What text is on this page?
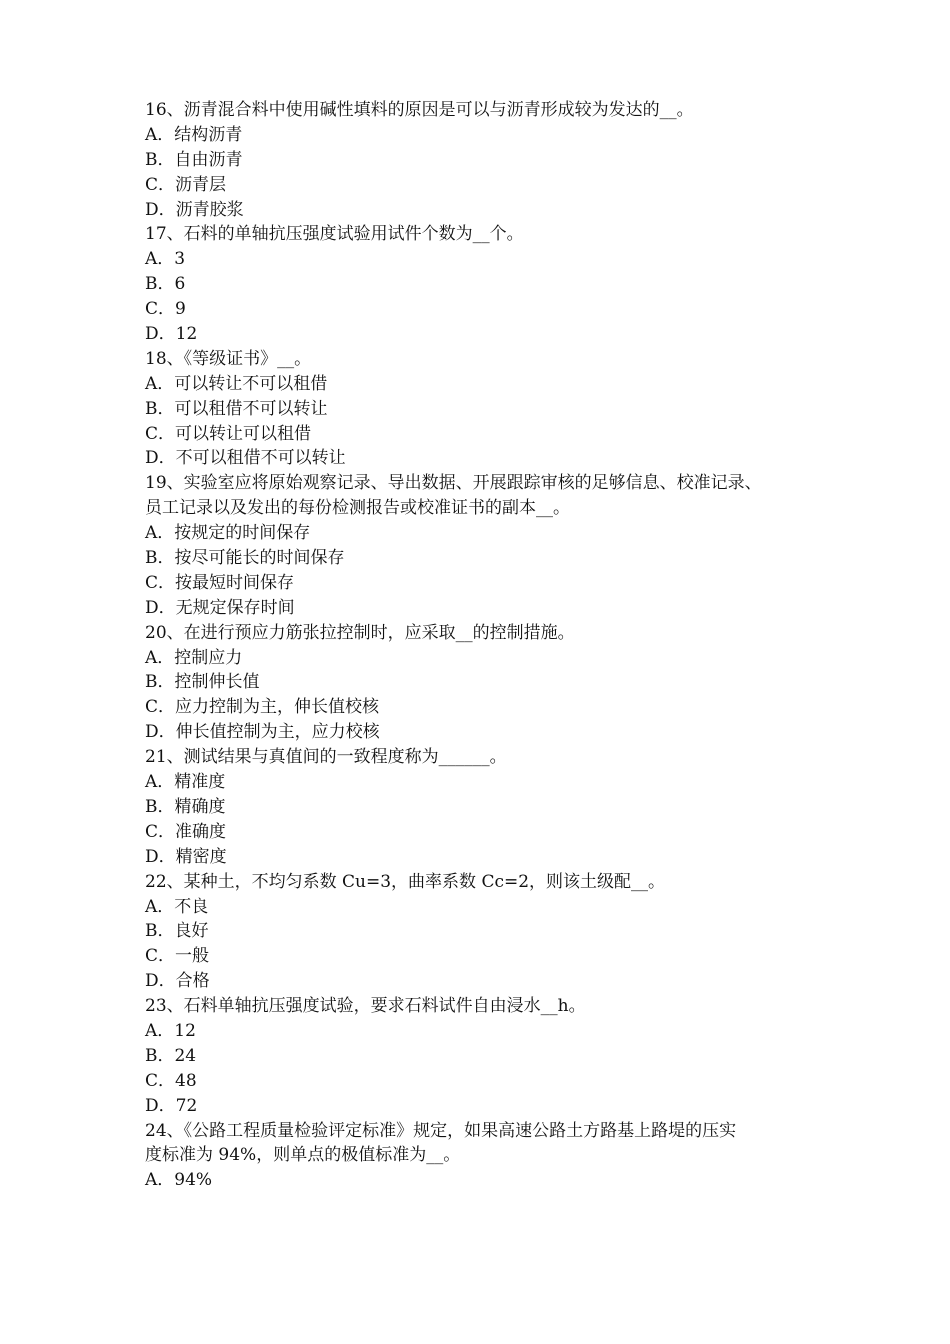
16、沥青混合料中使用碱性填料的原因是可以与沥青形成较为发达的__。
A．结构沥青
B．自由沥青
C．沥青层
D．沥青胶浆
17、石料的单轴抗压强度试验用试件个数为__个。
A．3
B．6
C．9
D．12
18、《等级证书》__。
A．可以转让不可以租借
B．可以租借不可以转让
C．可以转让可以租借
D．不可以租借不可以转让
19、实验室应将原始观察记录、导出数据、开展跟踪审核的足够信息、校准记录、
员工记录以及发出的每份检测报告或校准证书的副本__。
A．按规定的时间保存
B．按尽可能长的时间保存
C．按最短时间保存
D．无规定保存时间
20、在进行预应力筋张拉控制时，应采取__的控制措施。
A．控制应力
B．控制伸长值
C．应力控制为主，伸长值校核
D．伸长值控制为主，应力校核
21、测试结果与真值间的一致程度称为______。
A．精准度
B．精确度
C．准确度
D．精密度
22、某种土，不均匀系数 Cu=3，曲率系数 Cc=2，则该土级配__。
A．不良
B．良好
C．一般
D．合格
23、石料单轴抗压强度试验，要求石料试件自由浸水__h。
A．12
B．24
C．48
D．72
24、《公路工程质量检验评定标准》规定，如果高速公路土方路基上路堤的压实
度标准为 94%，则单点的极值标准为__。
A．94%
